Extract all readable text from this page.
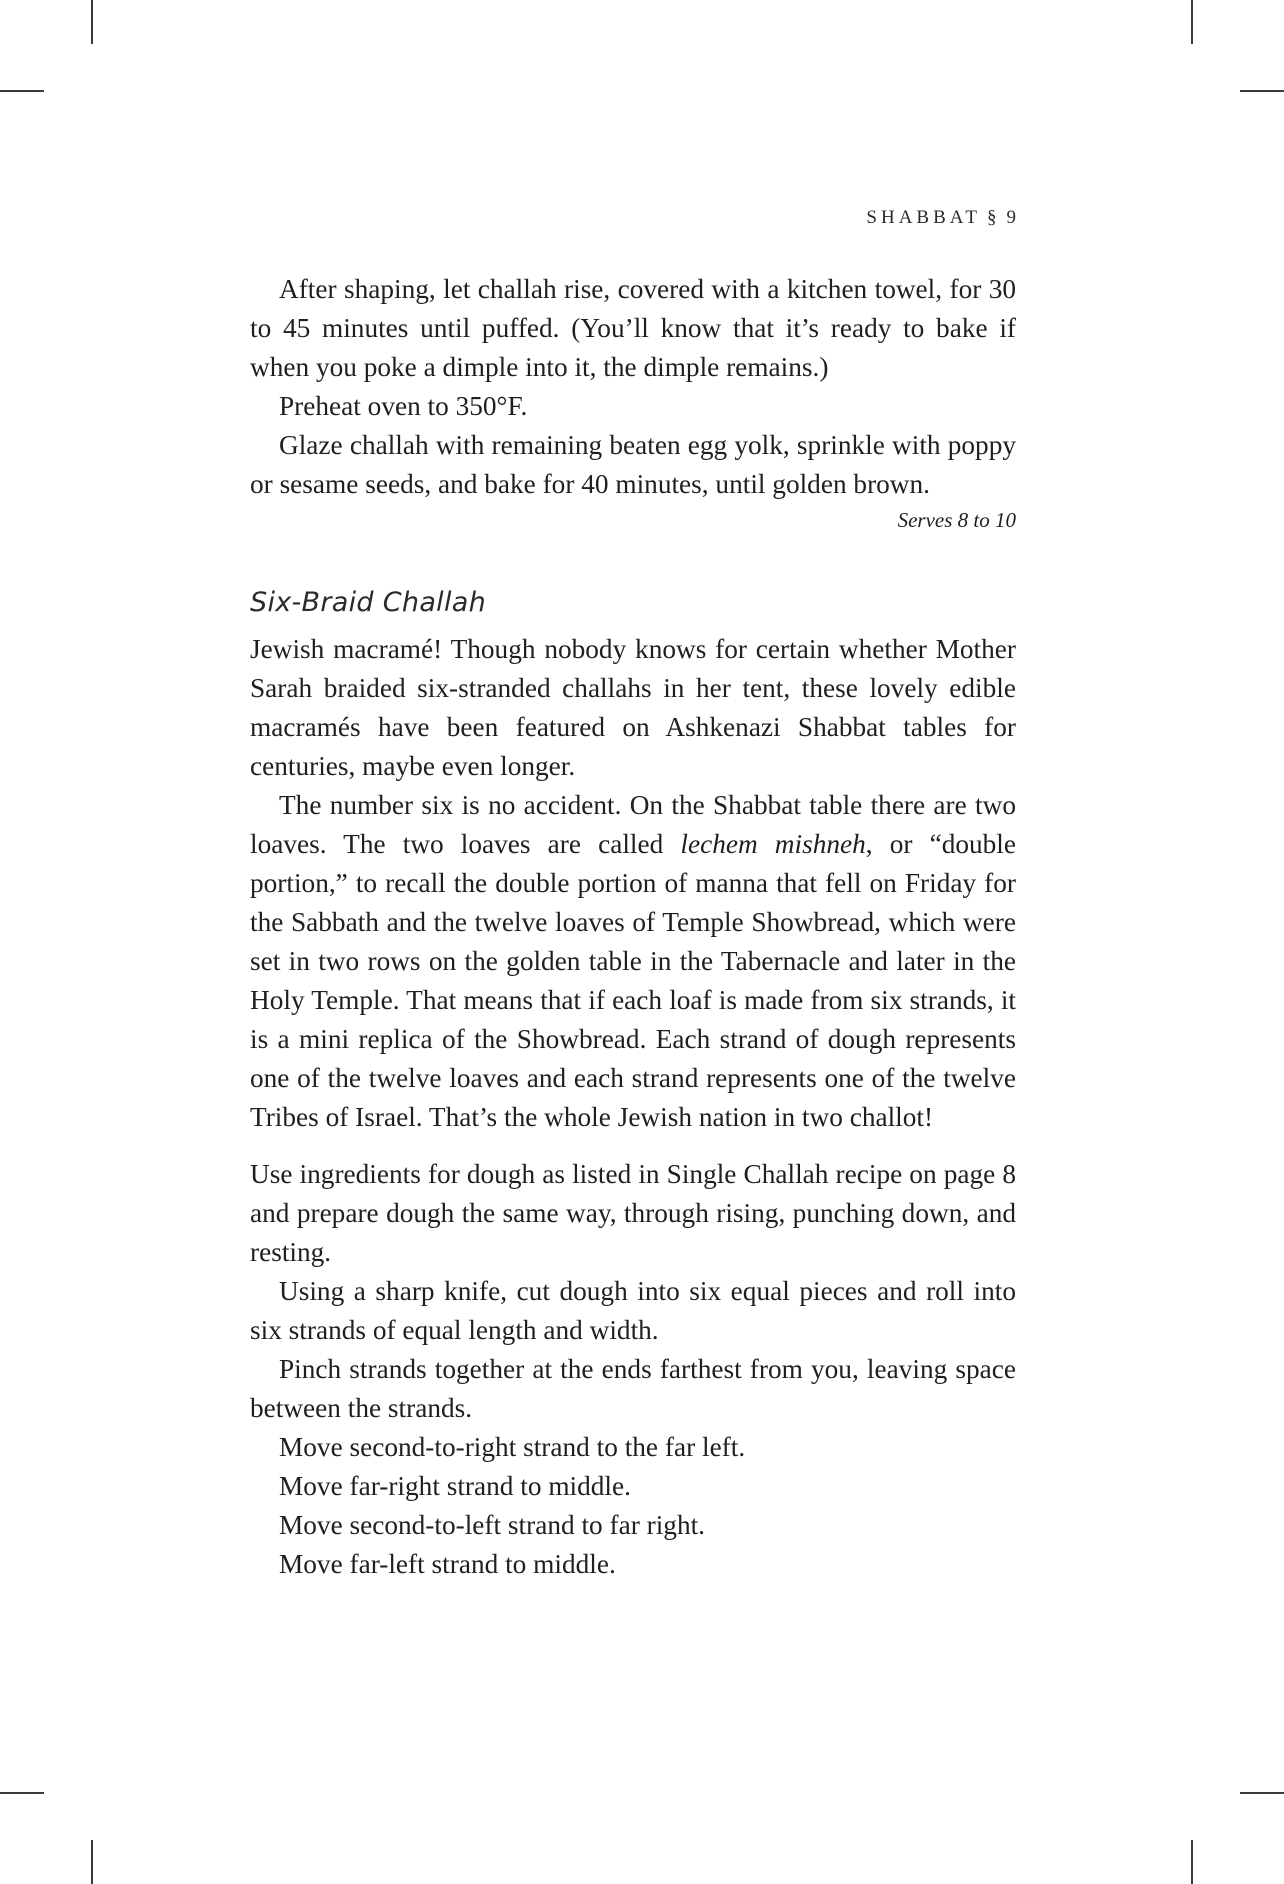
SHABBAT § 9

After shaping, let challah rise, covered with a kitchen towel, for 30 to 45 minutes until puffed. (You’ll know that it’s ready to bake if when you poke a dimple into it, the dimple remains.)

Preheat oven to 350°F.

Glaze challah with remaining beaten egg yolk, sprinkle with poppy or sesame seeds, and bake for 40 minutes, until golden brown.

Serves 8 to 10
Six-Braid Challah

Jewish macramé! Though nobody knows for certain whether Mother Sarah braided six-stranded challahs in her tent, these lovely edible macramés have been featured on Ashkenazi Shabbat tables for centuries, maybe even longer.

The number six is no accident. On the Shabbat table there are two loaves. The two loaves are called lechem mishneh, or “double portion,” to recall the double portion of manna that fell on Friday for the Sabbath and the twelve loaves of Temple Showbread, which were set in two rows on the golden table in the Tabernacle and later in the Holy Temple. That means that if each loaf is made from six strands, it is a mini replica of the Showbread. Each strand of dough represents one of the twelve loaves and each strand represents one of the twelve Tribes of Israel. That’s the whole Jewish nation in two challot!

Use ingredients for dough as listed in Single Challah recipe on page 8 and prepare dough the same way, through rising, punching down, and resting.

Using a sharp knife, cut dough into six equal pieces and roll into six strands of equal length and width.

Pinch strands together at the ends farthest from you, leaving space between the strands.

Move second-to-right strand to the far left.

Move far-right strand to middle.

Move second-to-left strand to far right.

Move far-left strand to middle.
